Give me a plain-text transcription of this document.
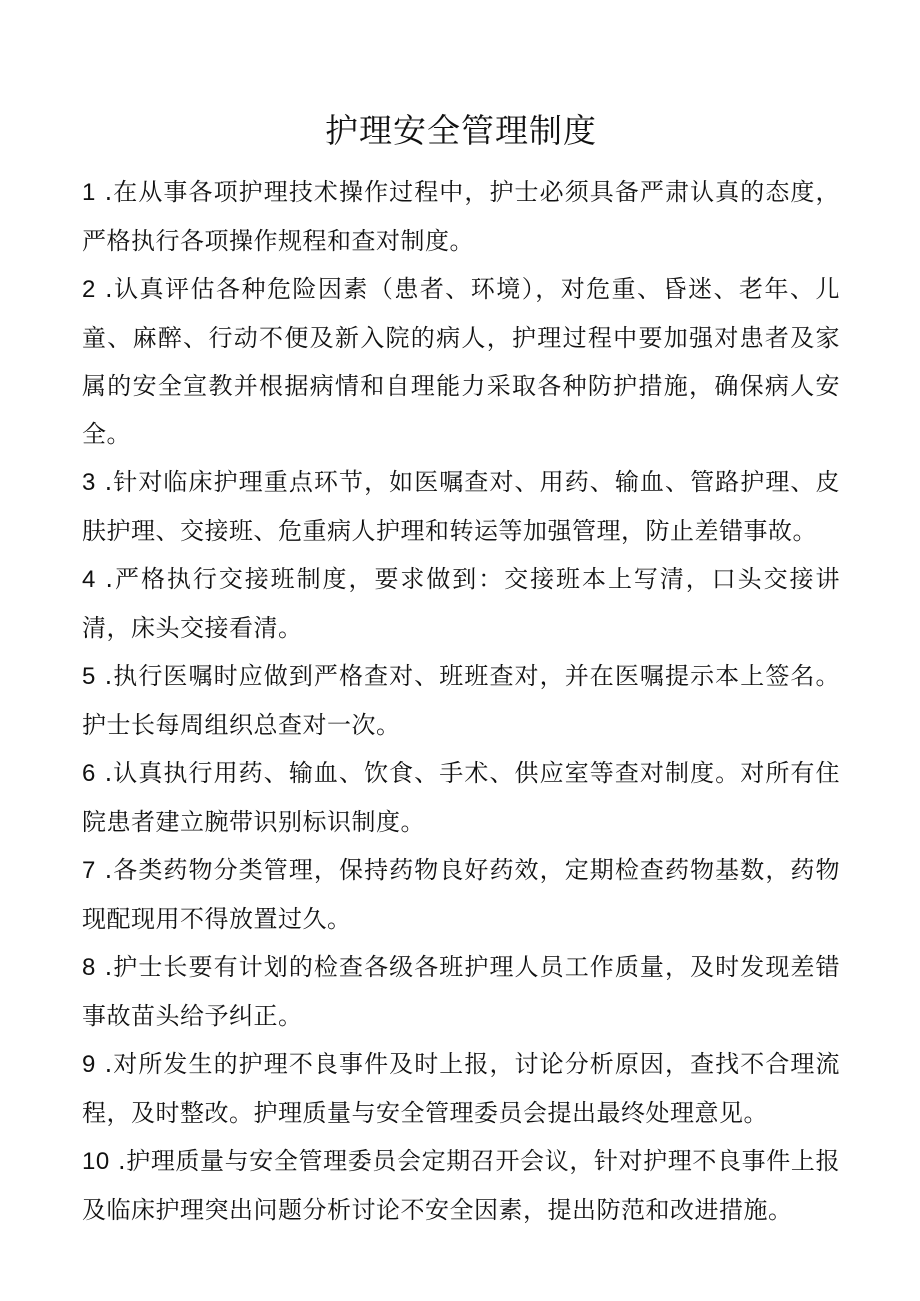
护理安全管理制度

1 .在从事各项护理技术操作过程中，护士必须具备严肃认真的态度，严格执行各项操作规程和查对制度。

2 .认真评估各种危险因素（患者、环境），对危重、昏迷、老年、儿童、麻醉、行动不便及新入院的病人，护理过程中要加强对患者及家属的安全宣教并根据病情和自理能力采取各种防护措施，确保病人安全。

3 .针对临床护理重点环节，如医嘱查对、用药、输血、管路护理、皮肤护理、交接班、危重病人护理和转运等加强管理，防止差错事故。

4 .严格执行交接班制度，要求做到：交接班本上写清，口头交接讲清，床头交接看清。

5 .执行医嘱时应做到严格查对、班班查对，并在医嘱提示本上签名。护士长每周组织总查对一次。

6 .认真执行用药、输血、饮食、手术、供应室等查对制度。对所有住院患者建立腕带识别标识制度。

7 .各类药物分类管理，保持药物良好药效，定期检查药物基数，药物现配现用不得放置过久。

8 .护士长要有计划的检查各级各班护理人员工作质量，及时发现差错事故苗头给予纠正。

9 .对所发生的护理不良事件及时上报，讨论分析原因，查找不合理流程，及时整改。护理质量与安全管理委员会提出最终处理意见。

10 .护理质量与安全管理委员会定期召开会议，针对护理不良事件上报及临床护理突出问题分析讨论不安全因素，提出防范和改进措施。
